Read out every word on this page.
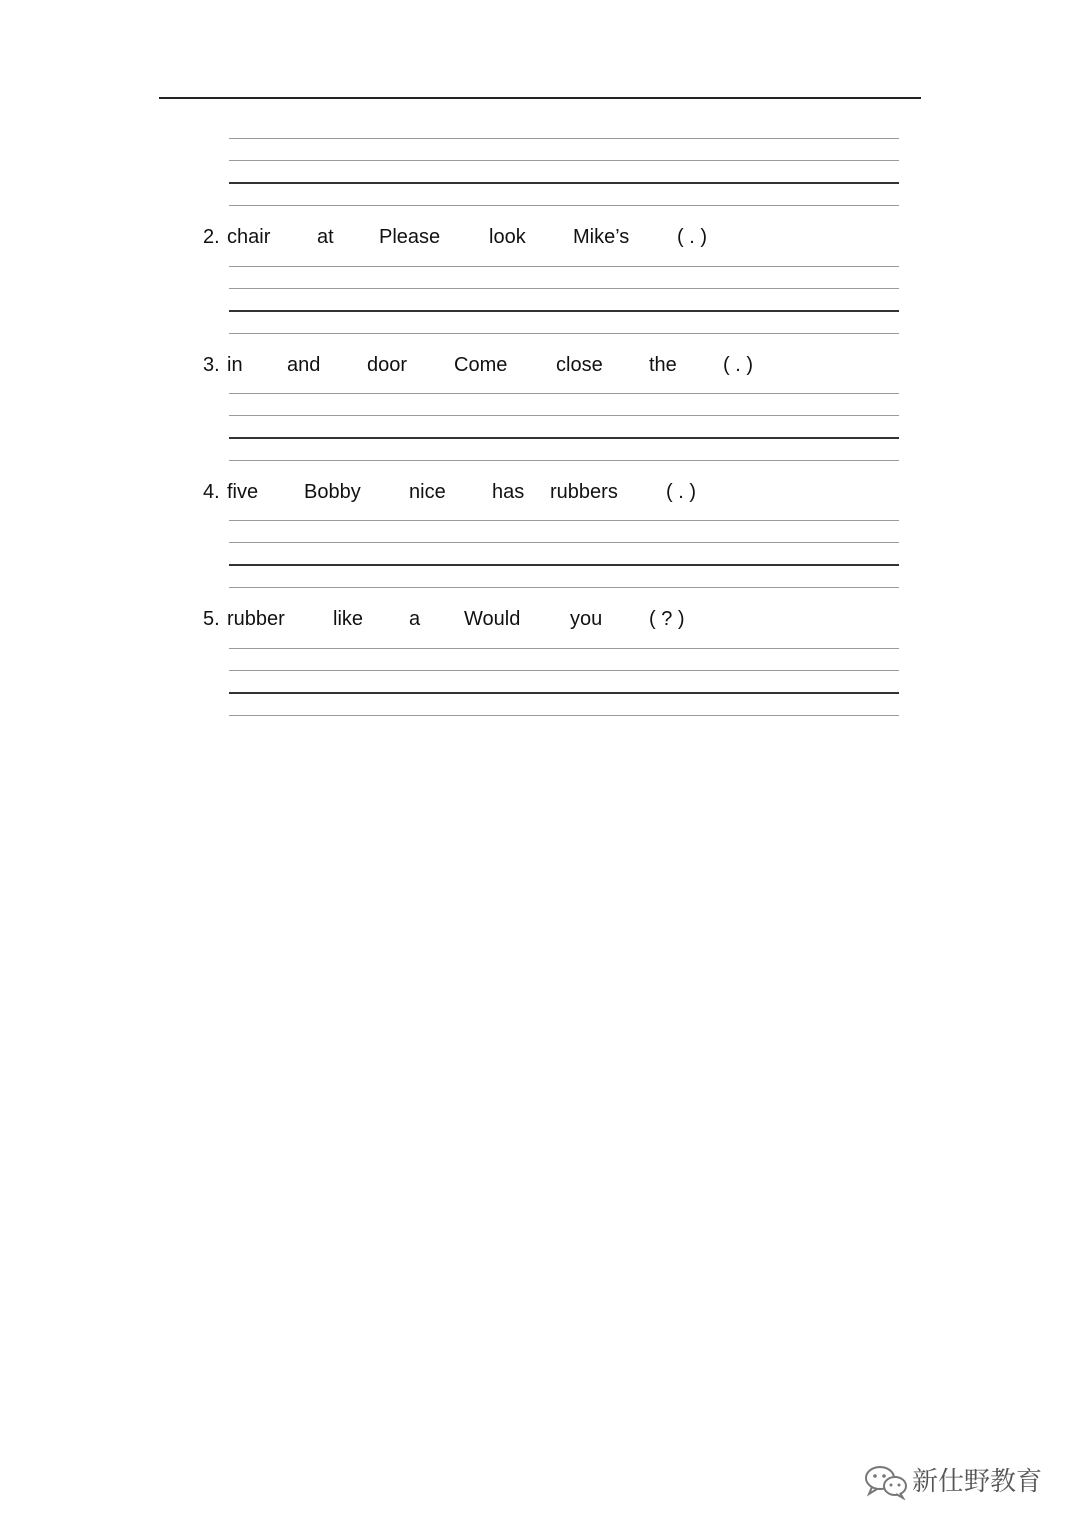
2. chair at Please look Mike’s ( . )
3. in and door Come close the ( . )
4. five Bobby nice has rubbers ( . )
5. rubber like a Would you ( ? )
新仕野教育
